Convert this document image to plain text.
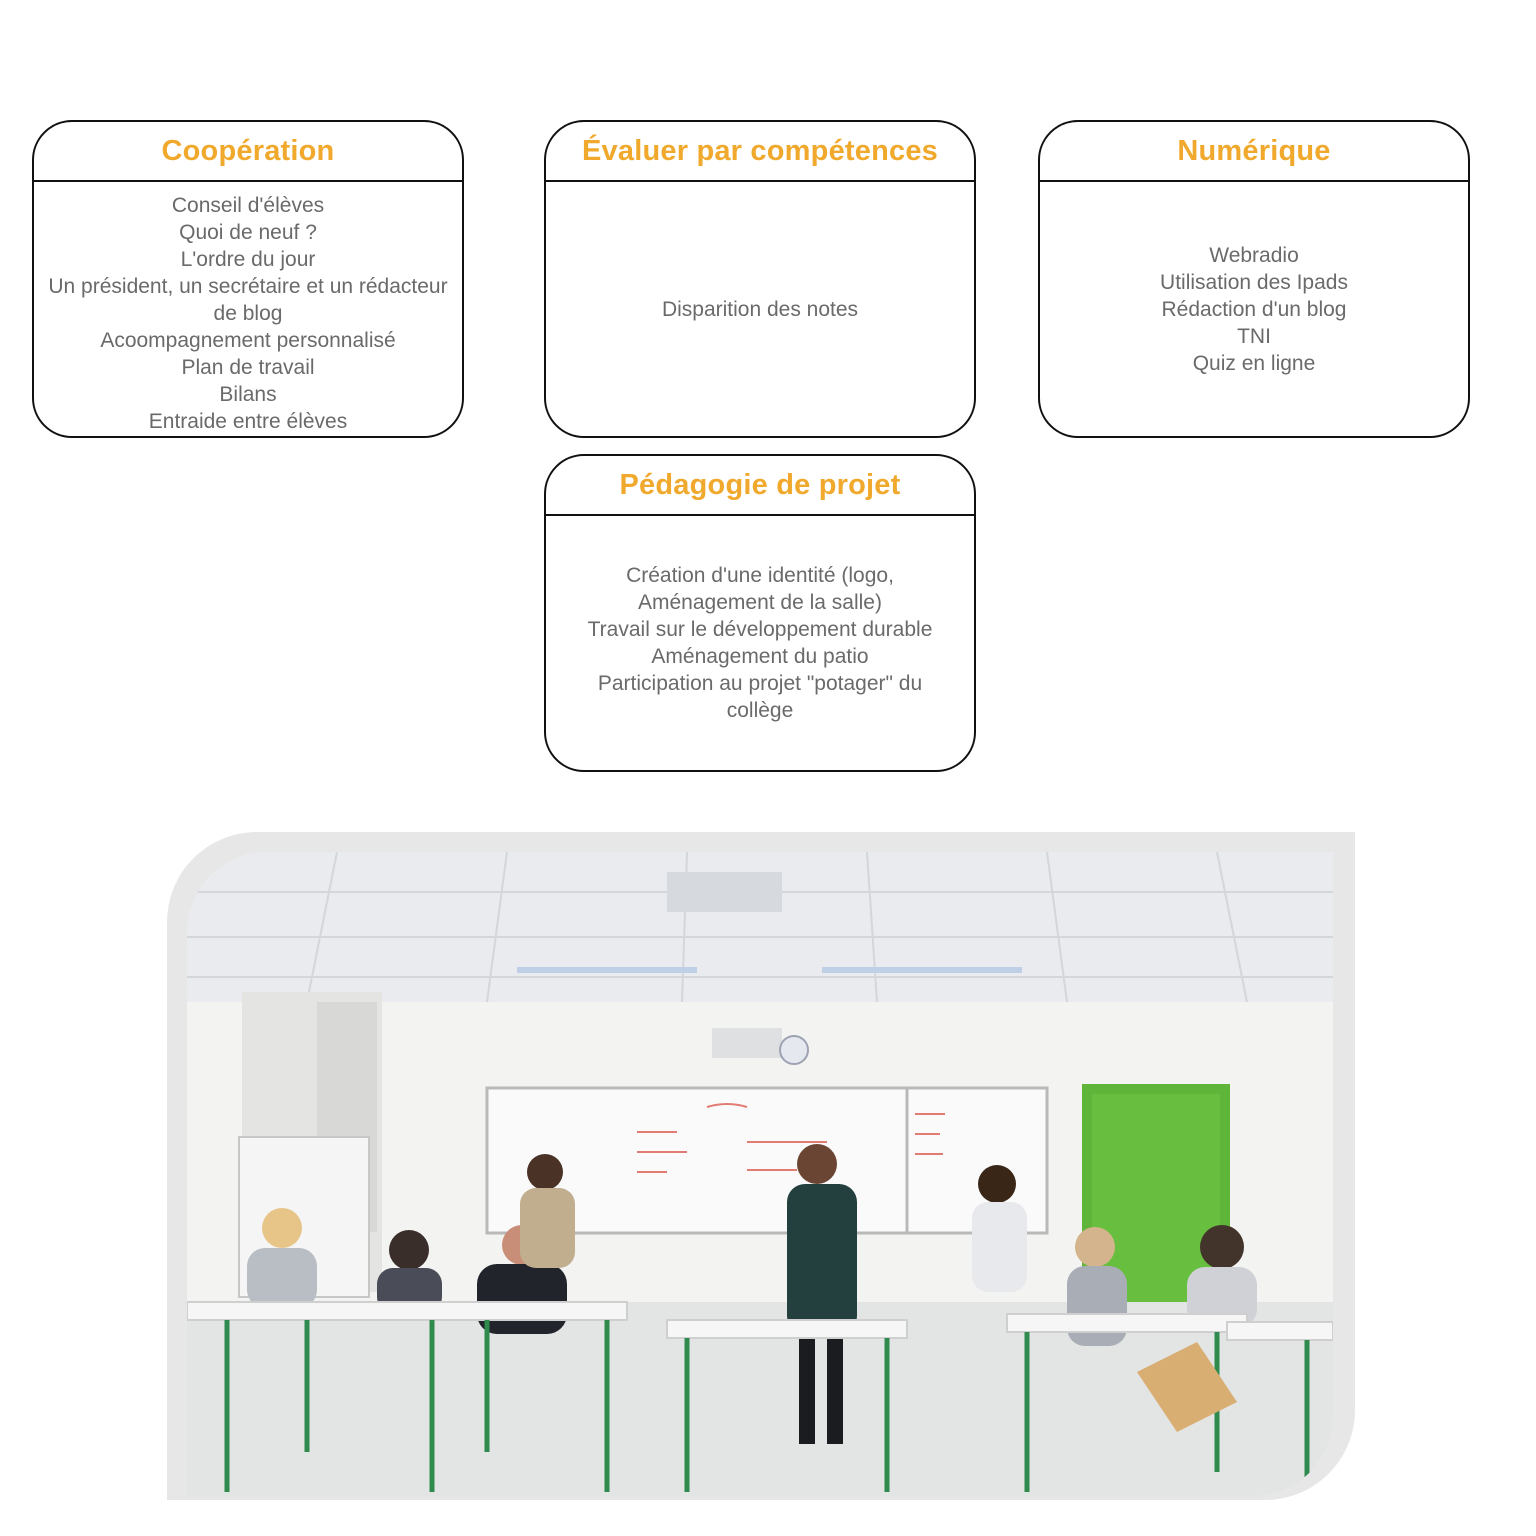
Coopération
Conseil d'élèves
Quoi de neuf ?
L'ordre du jour
Un président, un secrétaire et un rédacteur de blog
Acoompagnement personnalisé
Plan de travail
Bilans
Entraide entre élèves
Évaluer par compétences
Disparition des notes
Numérique
Webradio
Utilisation des Ipads
Rédaction d'un blog
TNI
Quiz en ligne
Pédagogie de projet
Création d'une identité (logo,
Aménagement de la salle)
Travail sur le développement durable
Aménagement du patio
Participation au projet "potager" du collège
